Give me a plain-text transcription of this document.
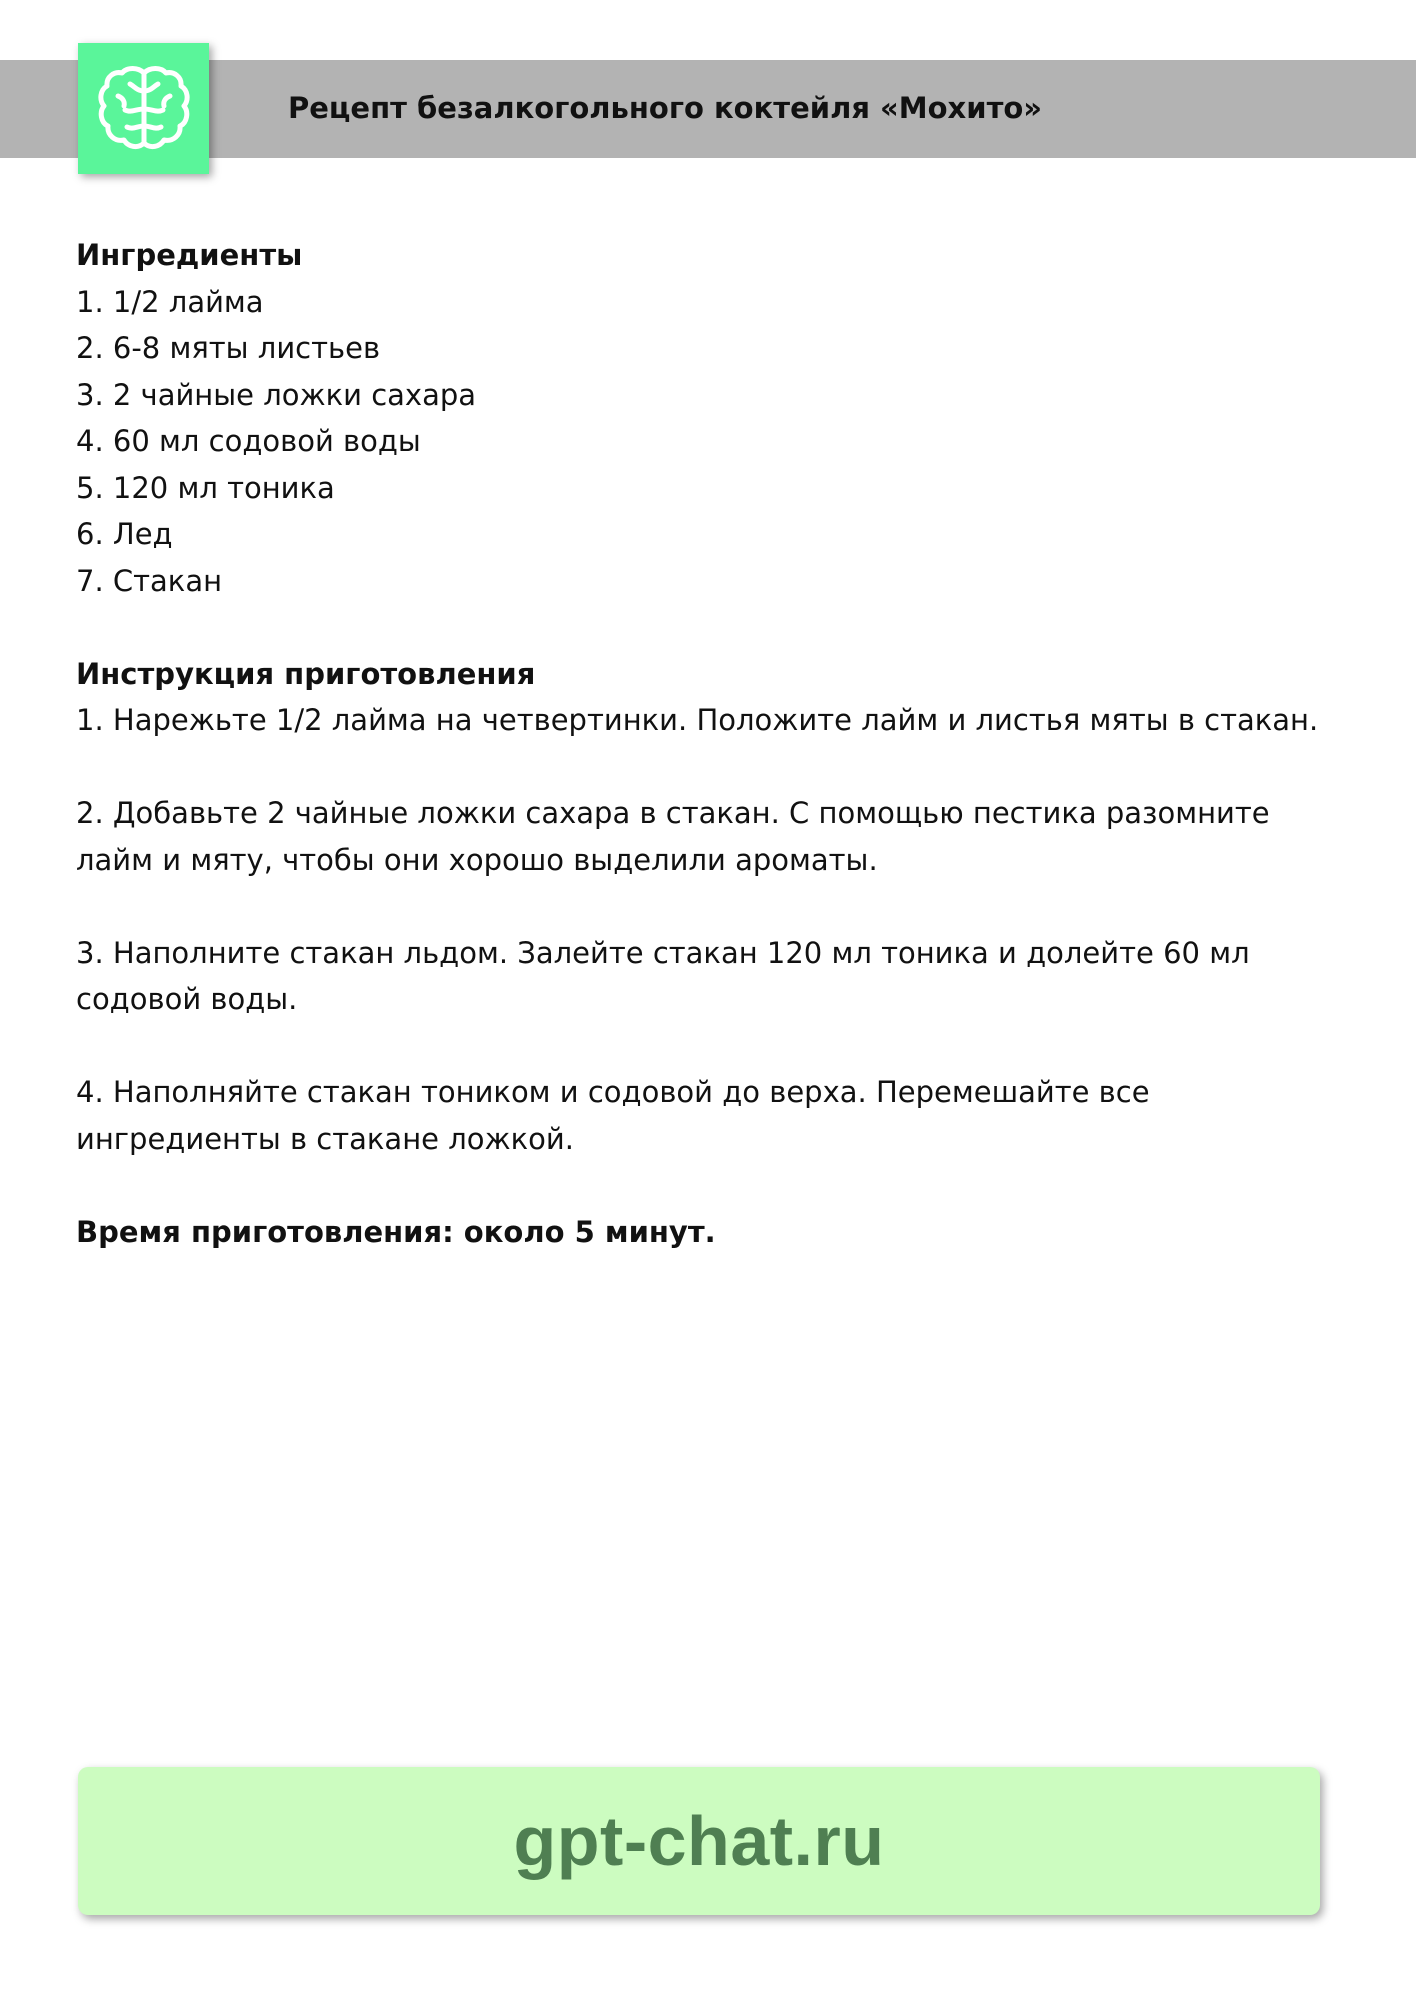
Рецепт безалкогольного коктейля «Мохито»

Ингредиенты

1. 1/2 лайма
2. 6-8 мяты листьев
3. 2 чайные ложки сахара
4. 60 мл содовой воды
5. 120 мл тоника
6. Лед
7. Стакан

Инструкция приготовления

1. Нарежьте 1/2 лайма на четвертинки. Положите лайм и листья мяты в стакан.

2. Добавьте 2 чайные ложки сахара в стакан. С помощью пестика разомните

лайм и мяту, чтобы они хорошо выделили ароматы.

3. Наполните стакан льдом. Залейте стакан 120 мл тоника и долейте 60 мл

содовой воды.

4. Наполняйте стакан тоником и содовой до верха. Перемешайте все

ингредиенты в стакане ложкой.

Время приготовления: около 5 минут.

gpt-chat.ru
